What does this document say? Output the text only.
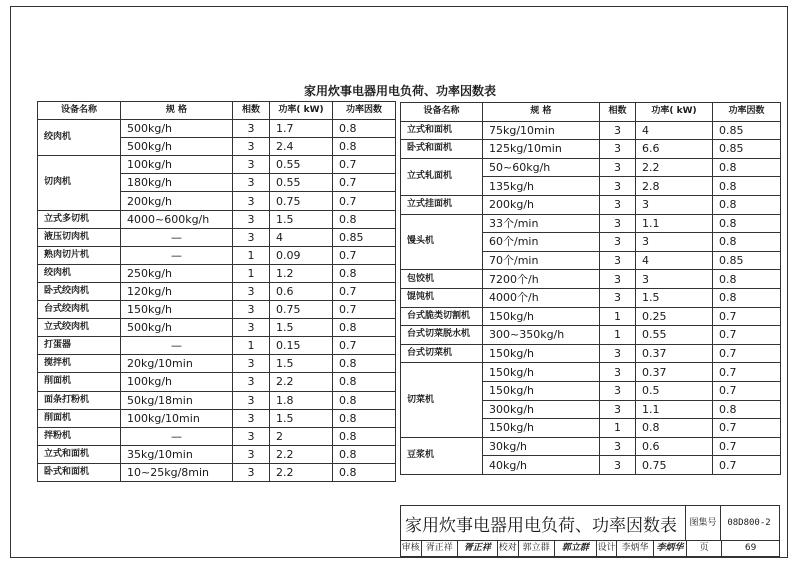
家用炊事电器用电负荷、功率因数表
设备名称	规 格	相数	功率( kW)	功率因数
绞肉机	500kg/h	3	1.7	0.8
	500kg/h	3	2.4	0.8
切肉机	100kg/h	3	0.55	0.7
	180kg/h	3	0.55	0.7
	200kg/h	3	0.75	0.7
立式多切机	4000~600kg/h	3	1.5	0.8
液压切肉机	—	3	4	0.85
熟肉切片机	—	1	0.09	0.7
绞肉机	250kg/h	1	1.2	0.8
卧式绞肉机	120kg/h	3	0.6	0.7
台式绞肉机	150kg/h	3	0.75	0.7
立式绞肉机	500kg/h	3	1.5	0.8
打蛋器	—	1	0.15	0.7
搅拌机	20kg/10min	3	1.5	0.8
削面机	100kg/h	3	2.2	0.8
面条打粉机	50kg/18min	3	1.8	0.8
削面机	100kg/10min	3	1.5	0.8
拌粉机	—	3	2	0.8
立式和面机	35kg/10min	3	2.2	0.8
卧式和面机	10~25kg/8min	3	2.2	0.8
设备名称	规 格	相数	功率( kW)	功率因数
立式和面机	75kg/10min	3	4	0.85
卧式和面机	125kg/10min	3	6.6	0.85
立式轧面机	50~60kg/h	3	2.2	0.8
	135kg/h	3	2.8	0.8
立式挂面机	200kg/h	3	3	0.8
馒头机	33个/min	3	1.1	0.8
	60个/min	3	3	0.8
	70个/min	3	4	0.85
包饺机	7200个/h	3	3	0.8
馄饨机	4000个/h	3	1.5	0.8
台式脆类切割机	150kg/h	1	0.25	0.7
台式切菜脱水机	300~350kg/h	1	0.55	0.7
台式切菜机	150kg/h	3	0.37	0.7
切菜机	150kg/h	3	0.37	0.7
	150kg/h	3	0.5	0.7
	300kg/h	3	1.1	0.8
	150kg/h	1	0.8	0.7
豆浆机	30kg/h	3	0.6	0.7
	40kg/h	3	0.75	0.7
家用炊事电器用电负荷、功率因数表	图集号	08D800-2
审核 胥正祥	胥正祥 校对 郭立群	郭立群 设计 李炳华 李炳华	页	69
